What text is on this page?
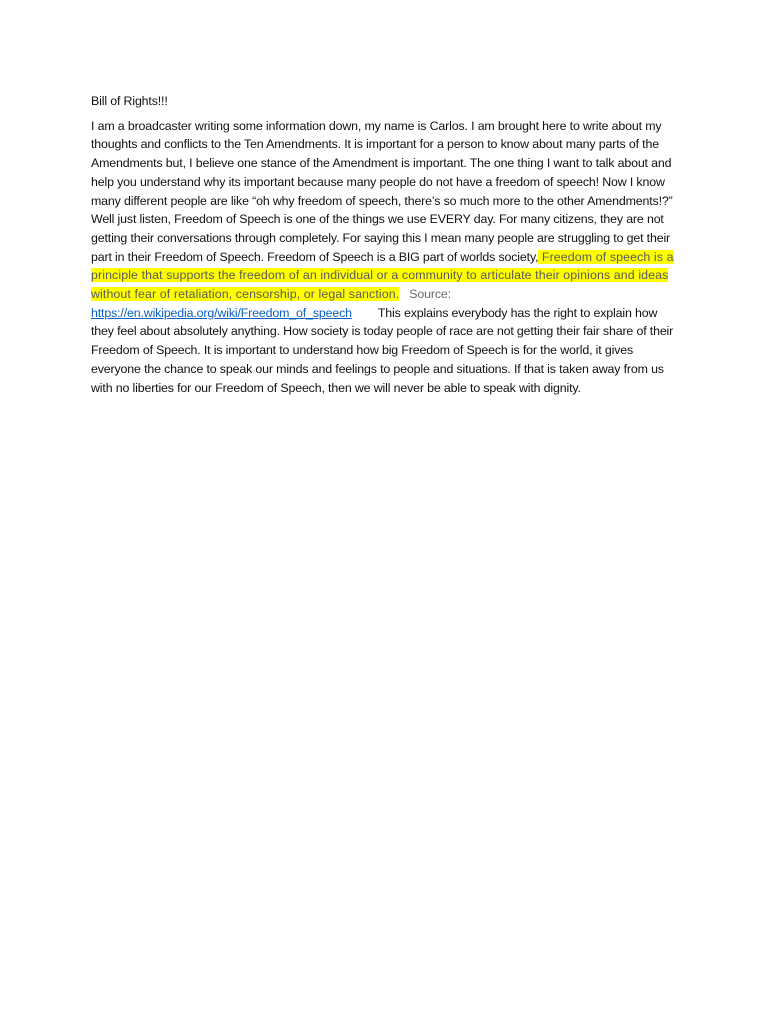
Bill of Rights!!!

I am a broadcaster writing some information down, my name is Carlos. I am brought here to write about my thoughts and conflicts to the Ten Amendments. It is important for a person to know about many parts of the Amendments but, I believe one stance of the Amendment is important. The one thing I want to talk about and help you understand why its important because many people do not have a freedom of speech! Now I know many different people are like “oh why freedom of speech, there’s so much more to the other Amendments!?” Well just listen, Freedom of Speech is one of the things we use EVERY day. For many citizens, they are not getting their conversations through completely. For saying this I mean many people are struggling to get their part in their Freedom of Speech. Freedom of Speech is a BIG part of worlds society, Freedom of speech is a principle that supports the freedom of an individual or a community to articulate their opinions and ideas without fear of retaliation, censorship, or legal sanction. Source: https://en.wikipedia.org/wiki/Freedom_of_speech This explains everybody has the right to explain how they feel about absolutely anything. How society is today people of race are not getting their fair share of their Freedom of Speech. It is important to understand how big Freedom of Speech is for the world, it gives everyone the chance to speak our minds and feelings to people and situations. If that is taken away from us with no liberties for our Freedom of Speech, then we will never be able to speak with dignity.
